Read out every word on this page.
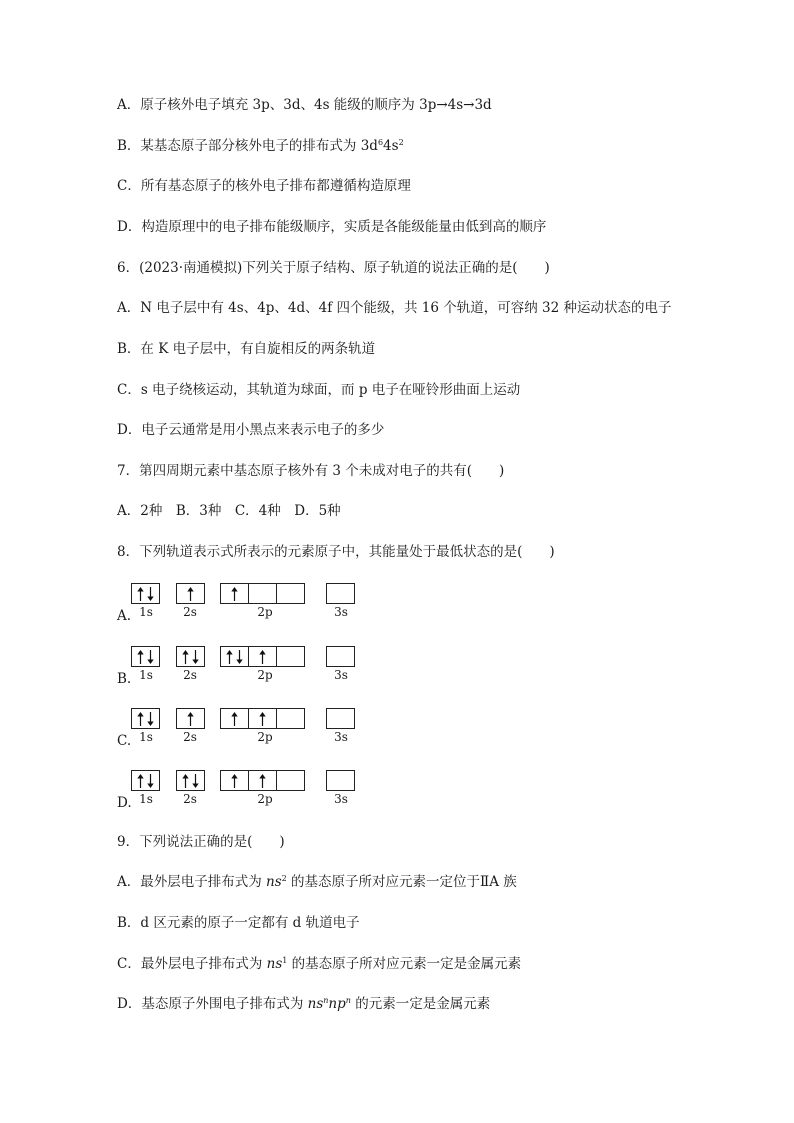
A．原子核外电子填充 3p、3d、4s 能级的顺序为 3p→4s→3d
B．某基态原子部分核外电子的排布式为 $3d^64s^2$
C．所有基态原子的核外电子排布都遵循构造原理
D．构造原理中的电子排布能级顺序，实质是各能级能量由低到高的顺序
6．(2023·南通模拟)下列关于原子结构、原子轨道的说法正确的是(　　)
A．N 电子层中有 4s、4p、4d、4f 四个能级，共 16 个轨道，可容纳 32 种运动状态的电子
B．在 K 电子层中，有自旋相反的两条轨道
C．s 电子绕核运动，其轨道为球面，而 p 电子在哑铃形曲面上运动
D．电子云通常是用小黑点来表示电子的多少
7．第四周期元素中基态原子核外有 3 个未成对电子的共有(　　)
A．2种　B．3种　C．4种　D．5种
8．下列轨道表示式所表示的元素原子中，其能量处于最低状态的是(　　)
A. 1s	2s	2p	3s
B. 1s	2s	2p	3s
C. 1s	2s	2p	3s
D. 1s	2s	2p	3s
9．下列说法正确的是(　　)
A．最外层电子排布式为 $ns^2$ 的基态原子所对应元素一定位于ⅡA 族
B．d 区元素的原子一定都有 d 轨道电子
C．最外层电子排布式为 $ns^1$ 的基态原子所对应元素一定是金属元素
D．基态原子外围电子排布式为 $ns^nnp^n$ 的元素一定是金属元素
